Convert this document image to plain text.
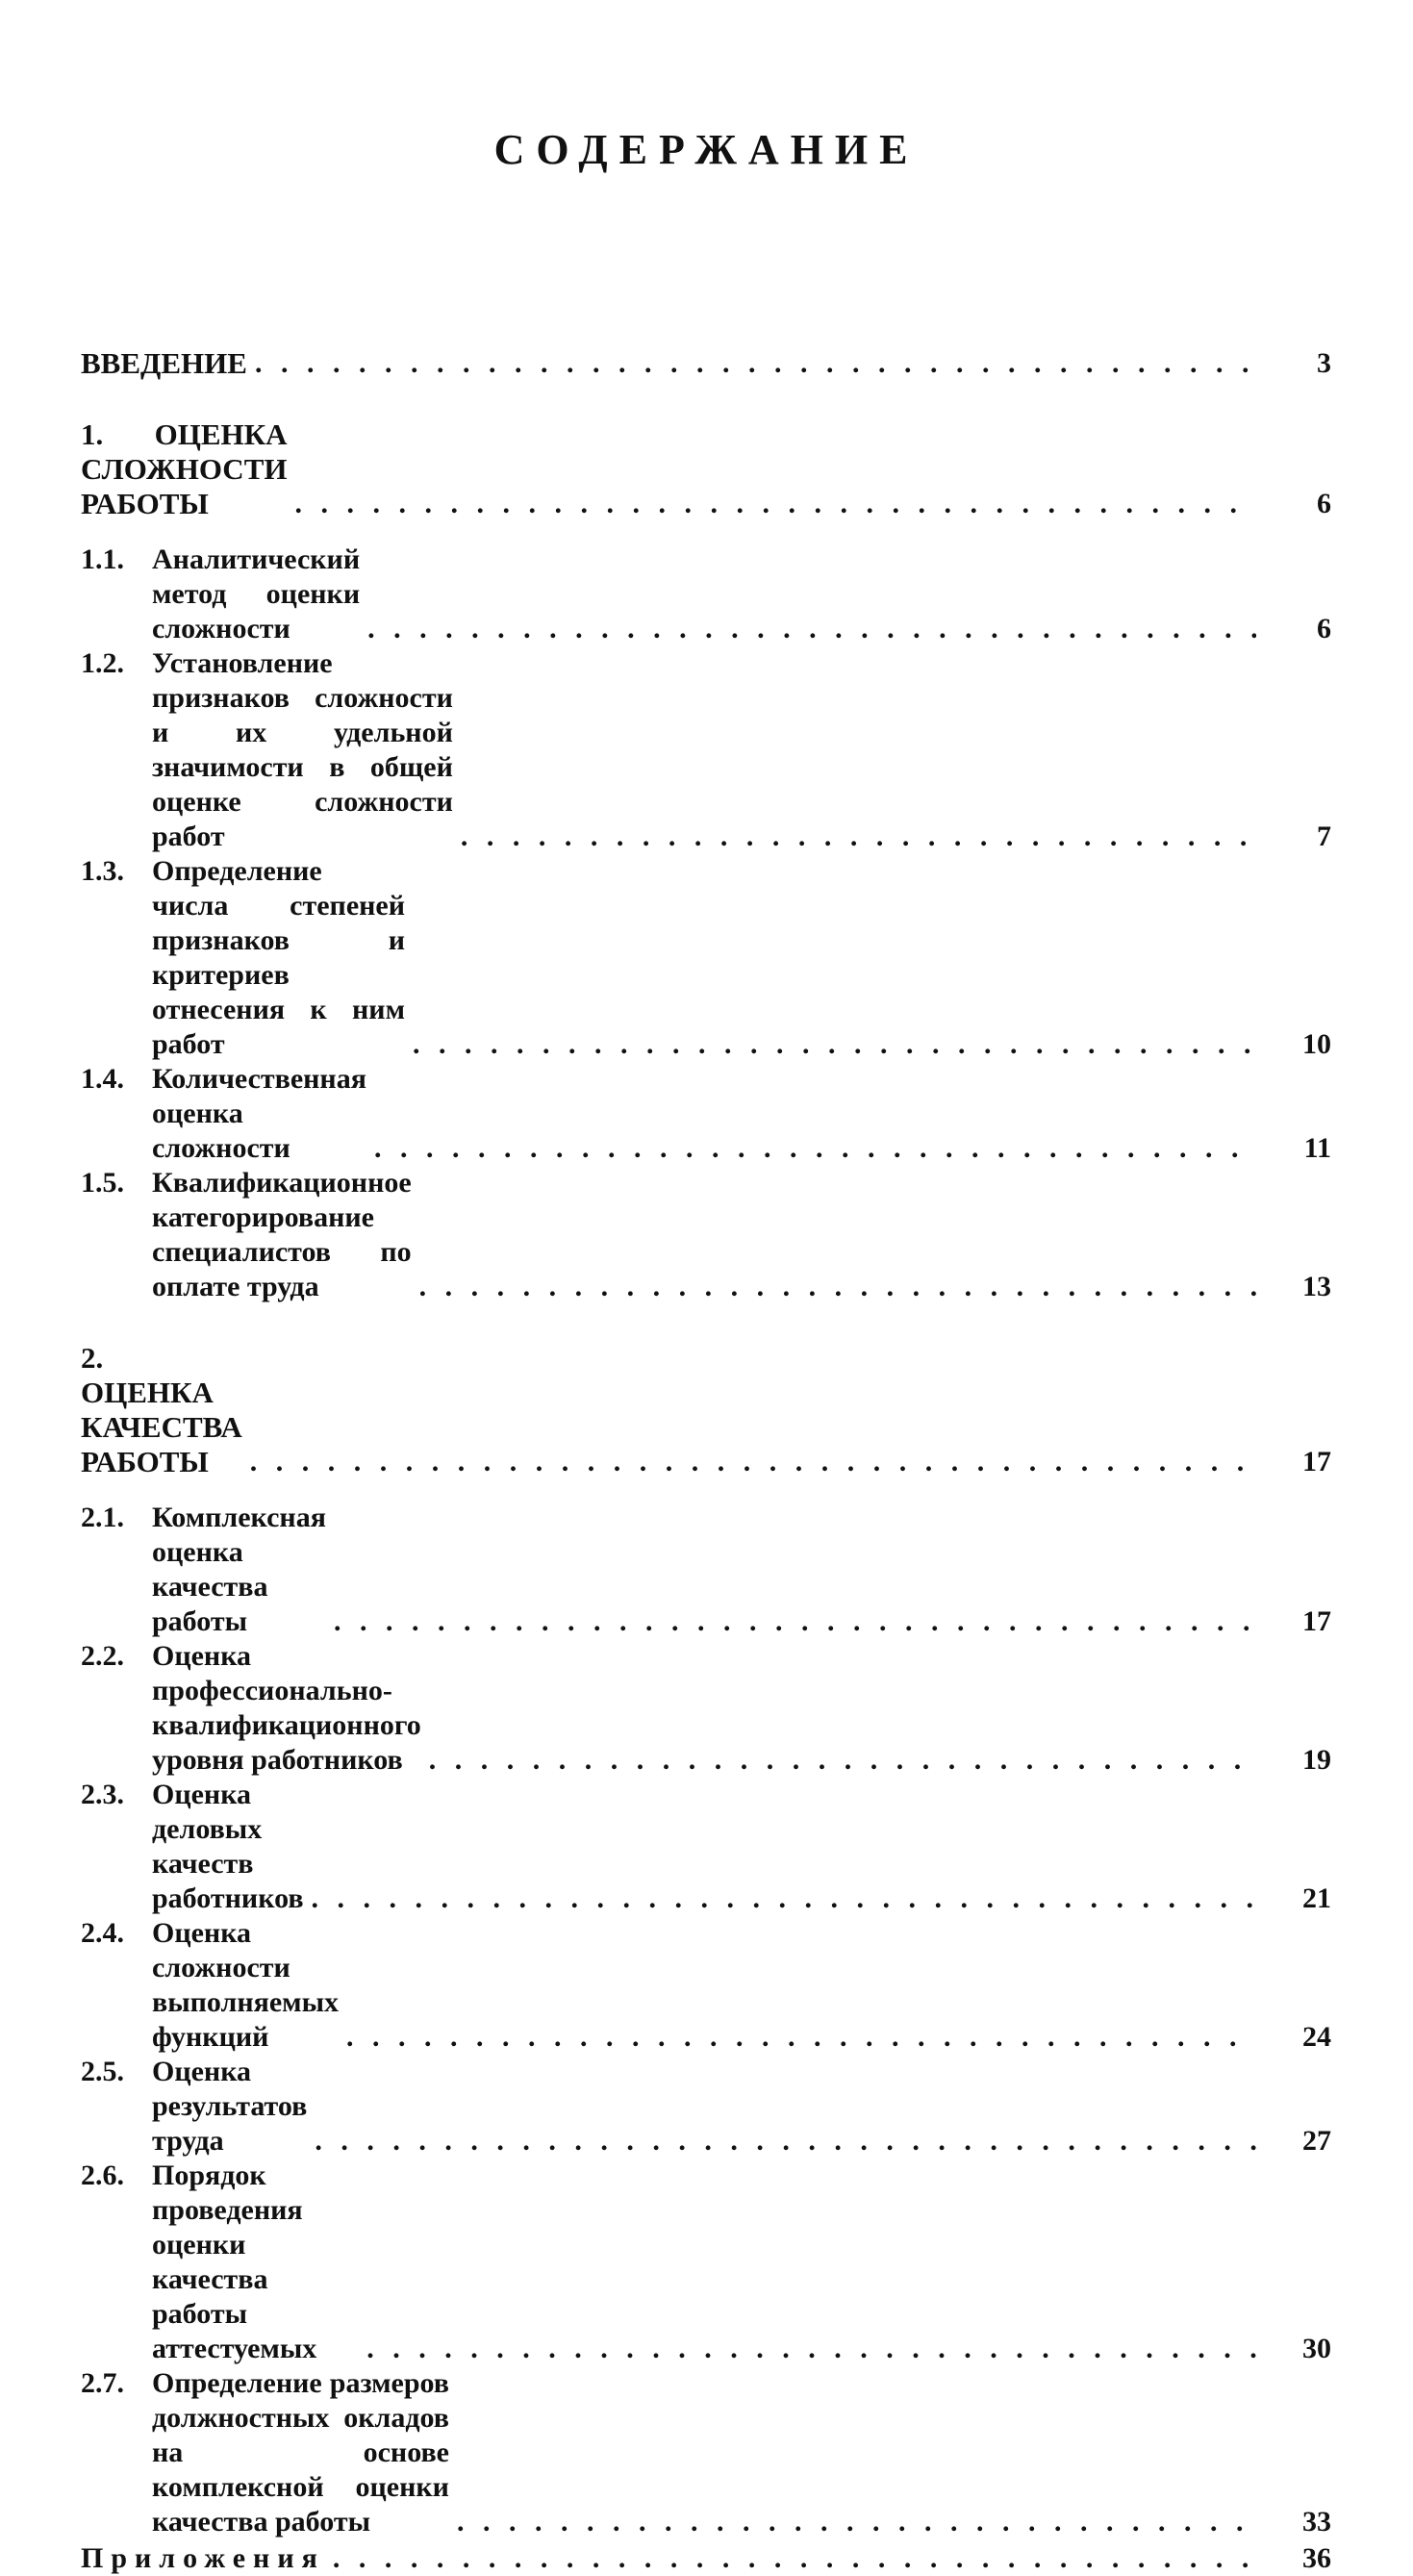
СОДЕРЖАНИЕ
ВВЕДЕНИЕ . . .	3
1. ОЦЕНКА СЛОЖНОСТИ РАБОТЫ . . .	6
1.1. Аналитический метод оценки сложности . . .	6
1.2. Установление признаков сложности и их удельной значимости в общей оценке сложности работ . . .	7
1.3. Определение числа степеней признаков и критериев отнесения к ним работ . . .	10
1.4. Количественная оценка сложности . . .	11
1.5. Квалификационное категорирование специалистов по оплате труда . . .	13
2. ОЦЕНКА КАЧЕСТВА РАБОТЫ . . .	17
2.1. Комплексная оценка качества работы . . .	17
2.2. Оценка профессионально-квалификационного уровня работников . . .	19
2.3. Оценка деловых качеств работников . . .	21
2.4. Оценка сложности выполняемых функций . . .	24
2.5. Оценка результатов труда . . .	27
2.6. Порядок проведения оценки качества работы аттестуемых . . .	30
2.7. Определение размеров должностных окладов на основе комплексной оценки качества работы . . .	33
Приложения . . .	36
